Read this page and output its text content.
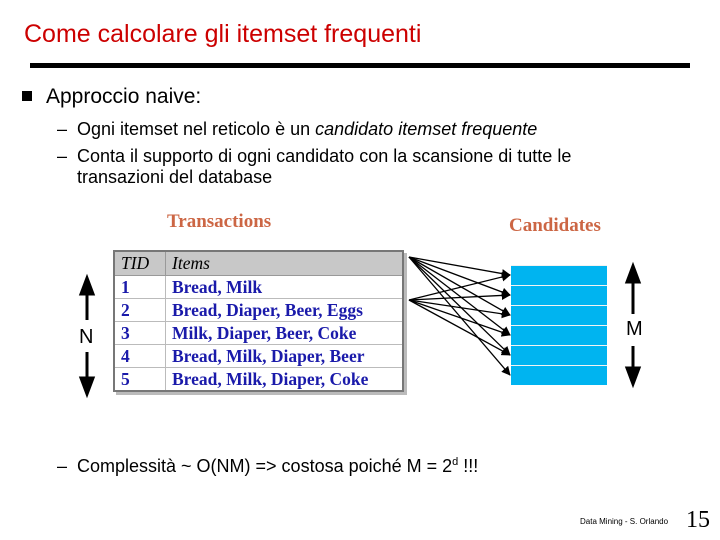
Come calcolare gli itemset frequenti
Approccio naive:
– Ogni itemset nel reticolo è un candidato itemset frequente
– Conta il supporto di ogni candidato con la scansione di tutte le
transazioni del database
– Complessità ~ O(NM) => costosa poiché $M = 2^d$ !!!
Transactions	Candidates
TID	Items
1	Bread, Milk
2	Bread, Diaper, Beer, Eggs
3	Milk, Diaper, Beer, Coke
4	Bread, Milk, Diaper, Beer
5	Bread, Milk, Diaper, Coke
N	M
Data Mining - S. Orlando 15
